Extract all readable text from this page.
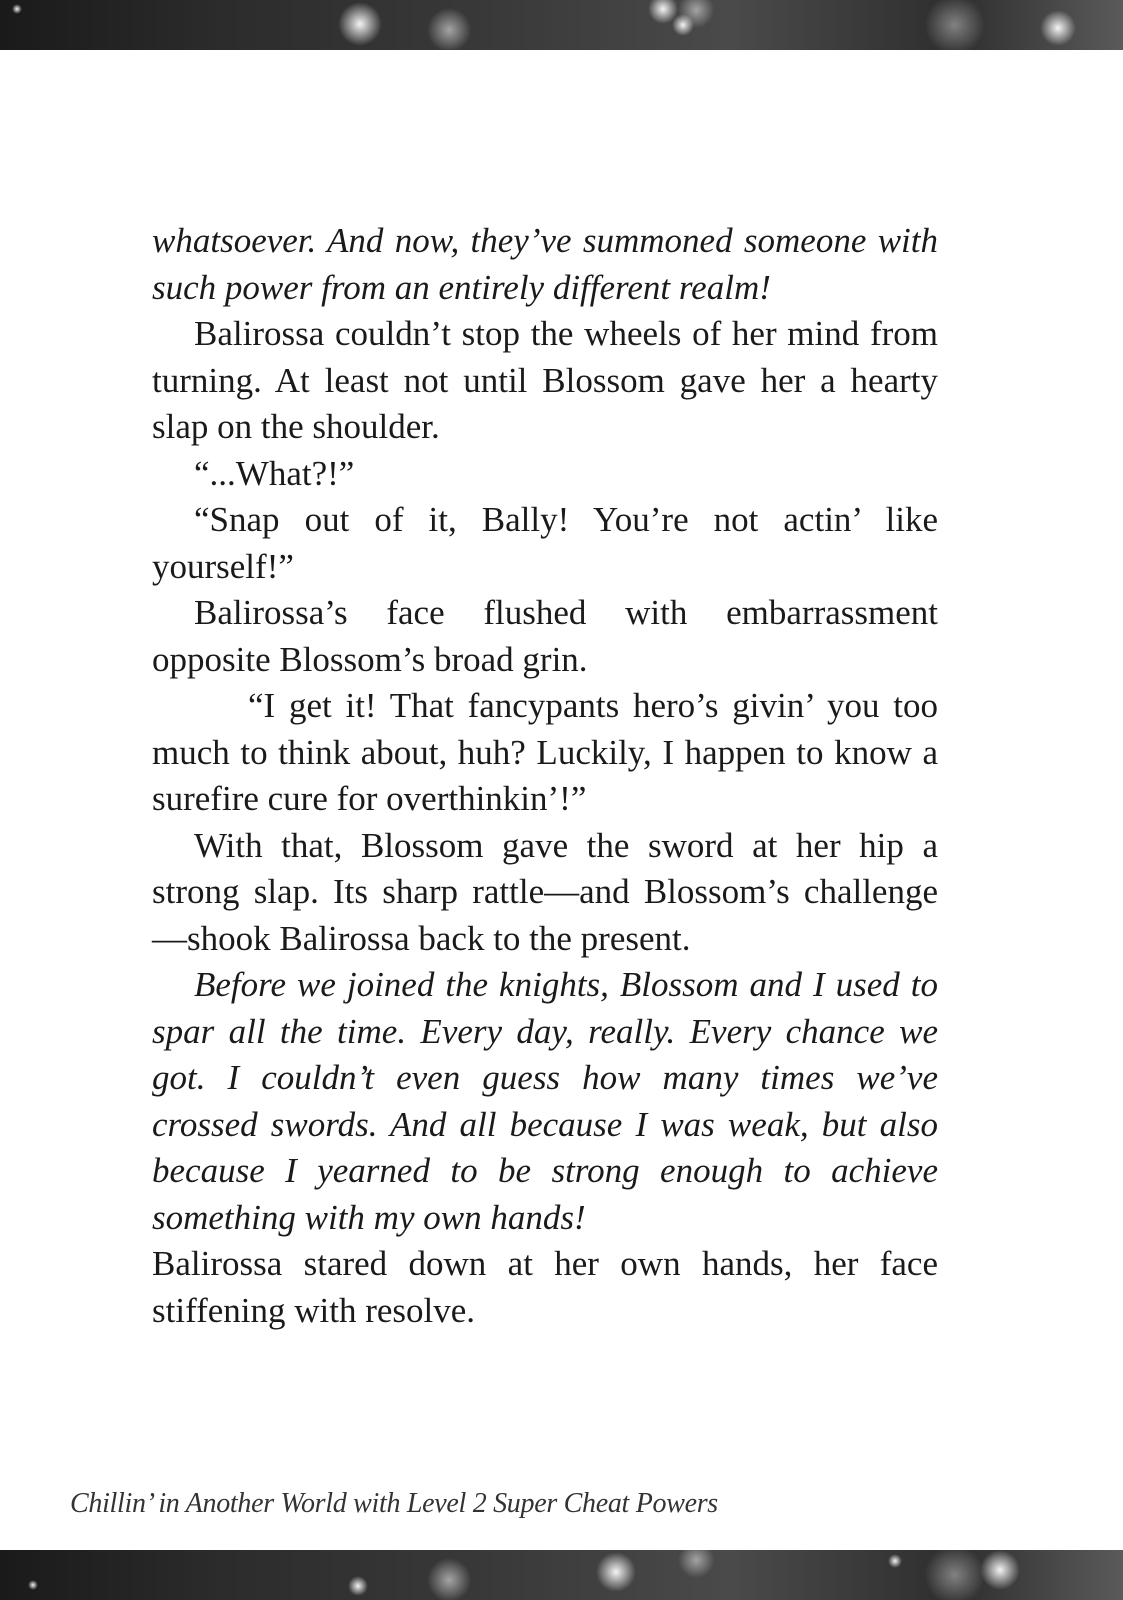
whatsoever. And now, they’ve summoned someone with such power from an entirely different realm!

Balirossa couldn’t stop the wheels of her mind from turning. At least not until Blossom gave her a hearty slap on the shoulder.

“...What?!”

“Snap out of it, Bally! You’re not actin’ like yourself!”

Balirossa’s face flushed with embarrassment opposite Blossom’s broad grin.

“I get it! That fancypants hero’s givin’ you too much to think about, huh? Luckily, I happen to know a surefire cure for overthinkin’!”

With that, Blossom gave the sword at her hip a strong slap. Its sharp rattle—and Blossom’s challenge—shook Balirossa back to the present.

Before we joined the knights, Blossom and I used to spar all the time. Every day, really. Every chance we got. I couldn’t even guess how many times we’ve crossed swords. And all because I was weak, but also because I yearned to be strong enough to achieve something with my own hands!

Balirossa stared down at her own hands, her face stiffening with resolve.

Chillin’ in Another World with Level 2 Super Cheat Powers
